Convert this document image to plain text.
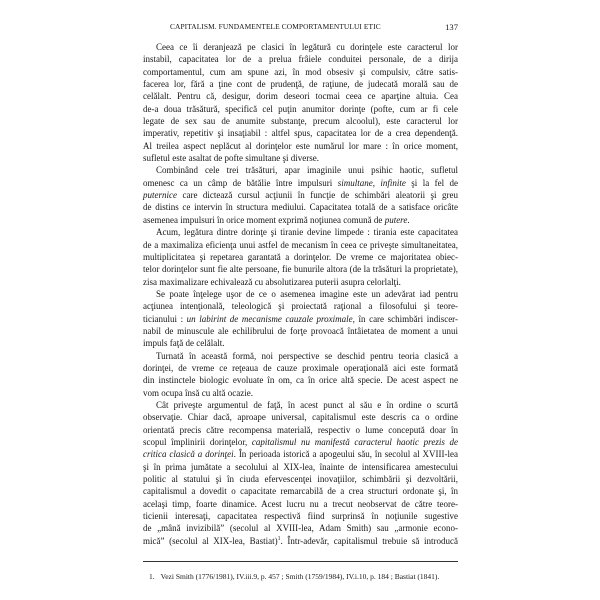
CAPITALISM. FUNDAMENTELE COMPORTAMENTULUI ETIC	137
Ceea ce îi deranjează pe clasici în legătură cu dorinţele este caracterul lor
instabil, capacitatea lor de a prelua frâiele conduitei personale, de a dirija
comportamentul, cum am spune azi, în mod obsesiv şi compulsiv, către satis-
facerea lor, fără a ţine cont de prudenţă, de raţiune, de judecată morală sau de
celălalt. Pentru că, desigur, dorim deseori tocmai ceea ce aparţine altuia. Cea
de-a doua trăsătură, specifică cel puţin anumitor dorinţe (pofte, cum ar fi cele
legate de sex sau de anumite substanţe, precum alcoolul), este caracterul lor
imperativ, repetitiv şi insaţiabil : altfel spus, capacitatea lor de a crea dependenţă.
Al treilea aspect neplăcut al dorinţelor este numărul lor mare : în orice moment,
sufletul este asaltat de pofte simultane şi diverse.
Combinând cele trei trăsături, apar imaginile unui psihic haotic, sufletul
omenesc ca un câmp de bătălie între impulsuri simultane, infinite şi la fel de
puternice care dictează cursul acţiunii în funcţie de schimbări aleatorii şi greu
de distins ce intervin în structura mediului. Capacitatea totală de a satisface oricâte
asemenea impulsuri în orice moment exprimă noţiunea comună de putere.
Acum, legătura dintre dorinţe şi tiranie devine limpede : tirania este capacitatea
de a maximaliza eficienţa unui astfel de mecanism în ceea ce priveşte simultaneitatea,
multiplicitatea şi repetarea garantată a dorinţelor. De vreme ce majoritatea obiec-
telor dorinţelor sunt fie alte persoane, fie bunurile altora (de la trăsături la proprietate),
zisa maximalizare echivalează cu absolutizarea puterii asupra celorlalţi.
Se poate înţelege uşor de ce o asemenea imagine este un adevărat iad pentru
acţiunea intenţională, teleologică şi proiectată raţional a filosofului şi teore-
ticianului : un labirint de mecanisme cauzale proximale, în care schimbări indiscer-
nabil de minuscule ale echilibrului de forţe provoacă întâietatea de moment a unui
impuls faţă de celălalt.
Turnată în această formă, noi perspective se deschid pentru teoria clasică a
dorinţei, de vreme ce reţeaua de cauze proximale operaţională aici este formată
din instinctele biologic evoluate în om, ca în orice altă specie. De acest aspect ne
vom ocupa însă cu altă ocazie.
Cât priveşte argumentul de faţă, în acest punct al său e în ordine o scurtă
observaţie. Chiar dacă, aproape universal, capitalismul este descris ca o ordine
orientată precis către recompensa materială, respectiv o lume concepută doar în
scopul împlinirii dorinţelor, capitalismul nu manifestă caracterul haotic prezis de
critica clasică a dorinţei. În perioada istorică a apogeului său, în secolul al XVIII-lea
şi în prima jumătate a secolului al XIX-lea, înainte de intensificarea amestecului
politic al statului şi în ciuda efervescenţei inovaţiilor, schimbării şi dezvoltării,
capitalismul a dovedit o capacitate remarcabilă de a crea structuri ordonate şi, în
acelaşi timp, foarte dinamice. Acest lucru nu a trecut neobservat de către teore-
ticienii interesaţi, capacitatea respectivă fiind surprinsă în noţiunile sugestive
de „mână invizibilă” (secolul al XVIII-lea, Adam Smith) sau „armonie econo-
mică” (secolul al XIX-lea, Bastiat)$^1$. Într-adevăr, capitalismul trebuie să introducă
1. Vezi Smith (1776/1981), IV.iii.9, p. 457 ; Smith (1759/1984), IV.i.10, p. 184 ; Bastiat (1841).
